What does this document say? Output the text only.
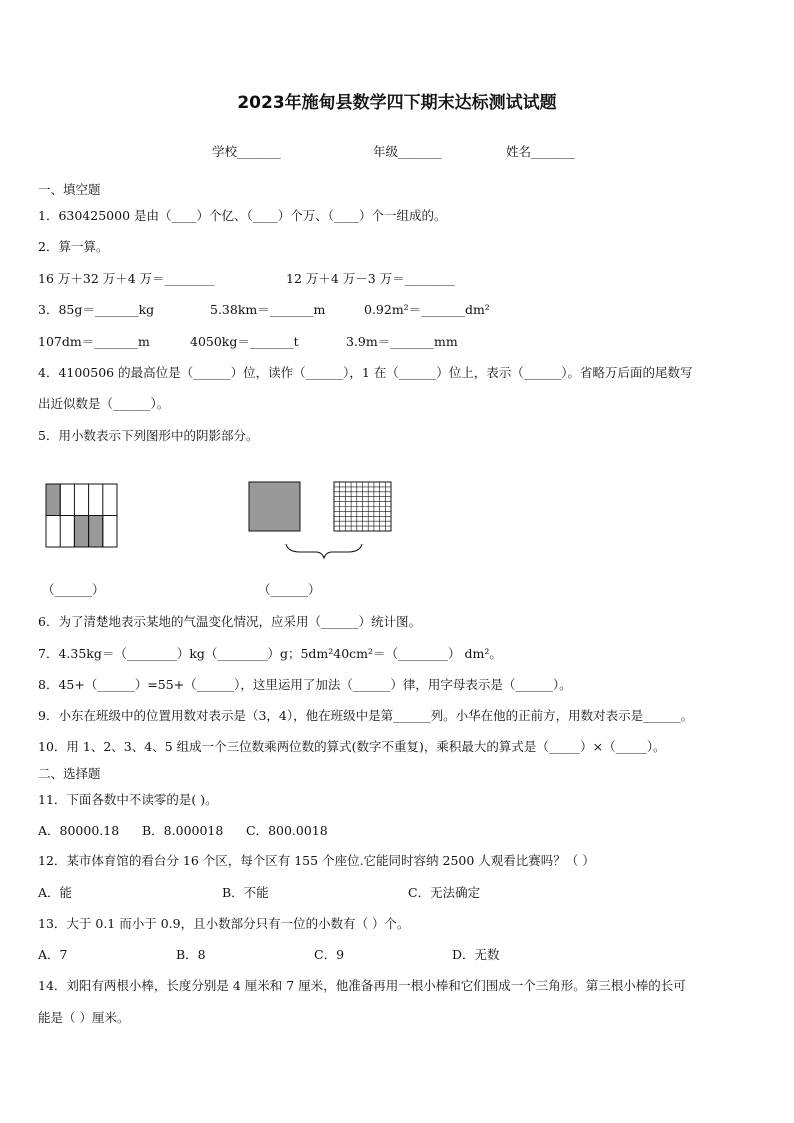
2023年施甸县数学四下期末达标测试试题
学校_______	年级_______	姓名_______
一、填空题
1．630425000 是由（____）个亿、（____）个万、（____）个一组成的。
2．算一算。
16 万＋32 万＋4 万＝________	12 万＋4 万－3 万＝________
3．85g＝_______kg	5.38km＝_______m	0.92m²＝_______dm²
107dm＝_______m	4050kg＝_______t	3.9m＝_______mm
4．4100506 的最高位是（______）位，读作（______），1 在（______）位上，表示（______）。省略万后面的尾数写
出近似数是（______）。
5．用小数表示下列图形中的阴影部分。
（______）	（______）
6．为了清楚地表示某地的气温变化情况，应采用（______）统计图。
7．4.35kg＝（________）kg（________）g；5dm²40cm²＝（________） dm²。
8．45+（______）=55+（______），这里运用了加法（______）律，用字母表示是（______）。
9．小东在班级中的位置用数对表示是（3，4），他在班级中是第______列。小华在他的正前方，用数对表示是______。
10．用 1、2、3、4、5 组成一个三位数乘两位数的算式(数字不重复)，乘积最大的算式是（_____）×（_____）。
二、选择题
11．下面各数中不读零的是( )。
A．80000.18 B．8.000018 C．800.0018
12．某市体育馆的看台分 16 个区，每个区有 155 个座位.它能同时容纳 2500 人观看比赛吗？（ ）
A．能	B．不能	C．无法确定
13．大于 0.1 而小于 0.9，且小数部分只有一位的小数有（ ）个。
A．7	B．8	C．9	D．无数
14．刘阳有两根小棒，长度分别是 4 厘米和 7 厘米，他准备再用一根小棒和它们围成一个三角形。第三根小棒的长可
能是（ ）厘米。
